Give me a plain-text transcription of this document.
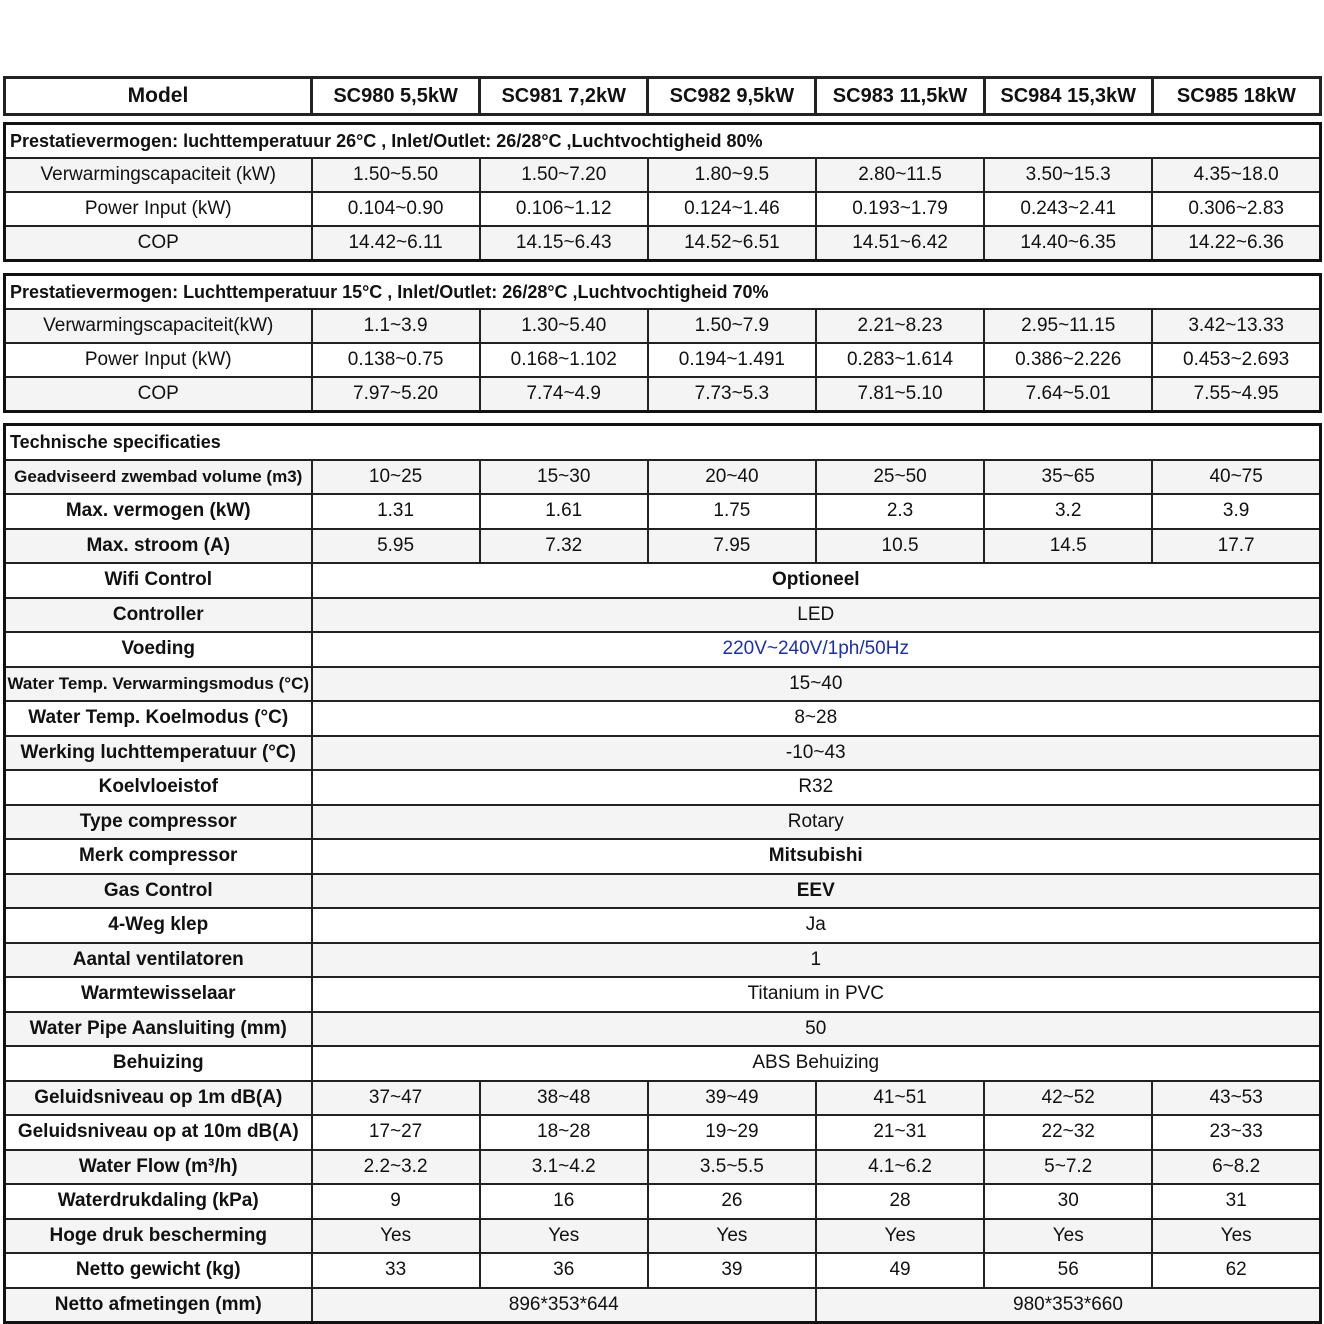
Model	SC980 5,5kW	SC981 7,2kW	SC982 9,5kW	SC983 11,5kW	SC984 15,3kW	SC985 18kW
Prestatievermogen: luchttemperatuur 26°C , Inlet/Outlet: 26/28°C ,Luchtvochtigheid 80%						
Verwarmingscapaciteit (kW)	1.50~5.50	1.50~7.20	1.80~9.5	2.80~11.5	3.50~15.3	4.35~18.0
Power Input (kW)	0.104~0.90	0.106~1.12	0.124~1.46	0.193~1.79	0.243~2.41	0.306~2.83
COP	14.42~6.11	14.15~6.43	14.52~6.51	14.51~6.42	14.40~6.35	14.22~6.36
Prestatievermogen: Luchttemperatuur 15°C , Inlet/Outlet: 26/28°C ,Luchtvochtigheid 70%						
Verwarmingscapaciteit(kW)	1.1~3.9	1.30~5.40	1.50~7.9	2.21~8.23	2.95~11.15	3.42~13.33
Power Input (kW)	0.138~0.75	0.168~1.102	0.194~1.491	0.283~1.614	0.386~2.226	0.453~2.693
COP	7.97~5.20	7.74~4.9	7.73~5.3	7.81~5.10	7.64~5.01	7.55~4.95
Technische specificaties						
Geadviseerd zwembad volume (m3)	10~25	15~30	20~40	25~50	35~65	40~75
Max. vermogen (kW)	1.31	1.61	1.75	2.3	3.2	3.9
Max. stroom (A)	5.95	7.32	7.95	10.5	14.5	17.7
Wifi Control	Optioneel					
Controller	LED					
Voeding	220V~240V/1ph/50Hz					
Water Temp. Verwarmingsmodus (°C)	15~40					
Water Temp. Koelmodus (°C)	8~28					
Werking luchttemperatuur (°C)	-10~43					
Koelvloeistof	R32					
Type compressor	Rotary					
Merk compressor	Mitsubishi					
Gas Control	EEV					
4-Weg klep	Ja					
Aantal ventilatoren	1					
Warmtewisselaar	Titanium in PVC					
Water Pipe Aansluiting (mm)	50					
Behuizing	ABS Behuizing					
Geluidsniveau op 1m dB(A)	37~47	38~48	39~49	41~51	42~52	43~53
Geluidsniveau op at 10m dB(A)	17~27	18~28	19~29	21~31	22~32	23~33
Water Flow (m³/h)	2.2~3.2	3.1~4.2	3.5~5.5	4.1~6.2	5~7.2	6~8.2
Waterdrukdaling (kPa)	9	16	26	28	30	31
Hoge druk bescherming	Yes	Yes	Yes	Yes	Yes	Yes
Netto gewicht (kg)	33	36	39	49	56	62
Netto afmetingen (mm)	896*353*644			980*353*660		
